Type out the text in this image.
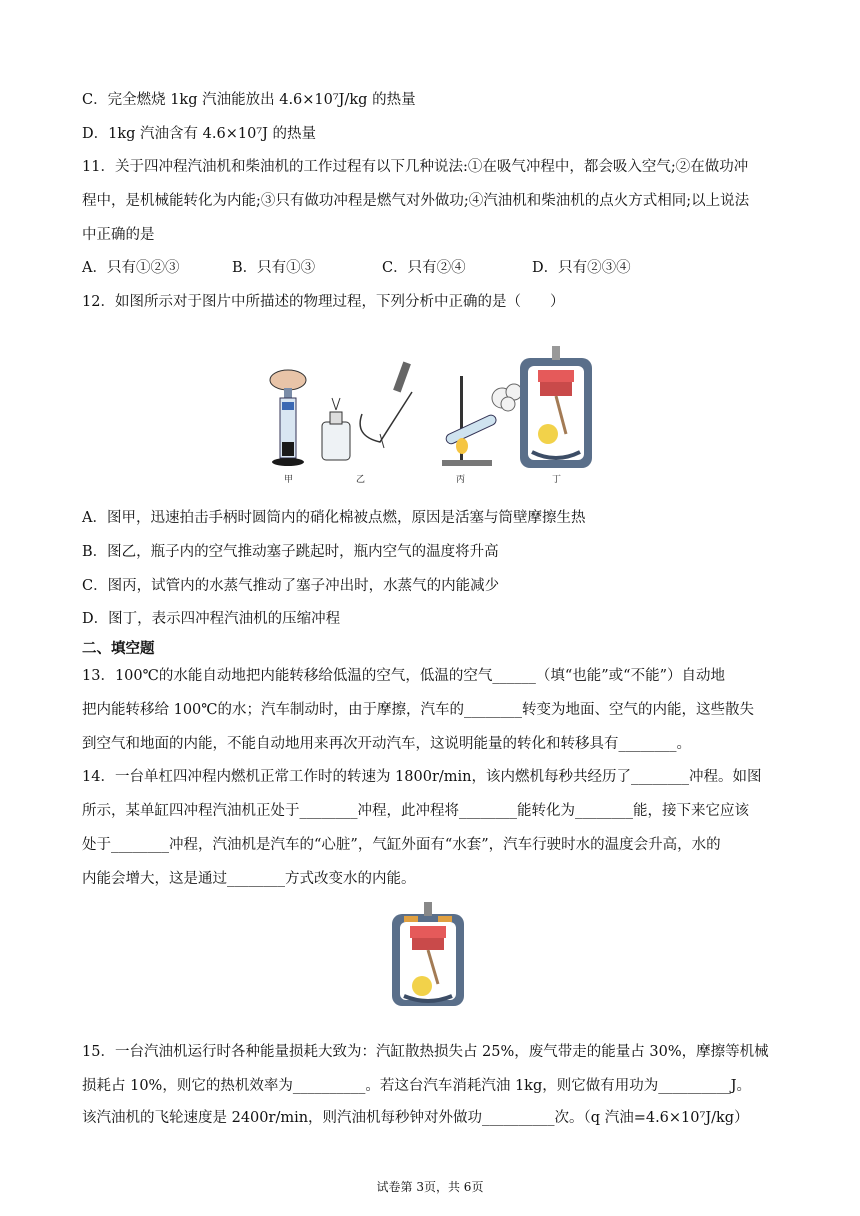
C．完全燃烧 1kg 汽油能放出 4.6×10⁷J/kg 的热量
D．1kg 汽油含有 4.6×10⁷J 的热量
11．关于四冲程汽油机和柴油机的工作过程有以下几种说法:①在吸气冲程中，都会吸入空气;②在做功冲
程中，是机械能转化为内能;③只有做功冲程是燃气对外做功;④汽油机和柴油机的点火方式相同;以上说法
中正确的是
A．只有①②③	B．只有①③	C．只有②④	D．只有②③④
12．如图所示对于图片中所描述的物理过程，下列分析中正确的是（　　）
甲	乙	丙	丁
A．图甲，迅速拍击手柄时圆筒内的硝化棉被点燃，原因是活塞与筒壁摩擦生热
B．图乙，瓶子内的空气推动塞子跳起时，瓶内空气的温度将升高
C．图丙，试管内的水蒸气推动了塞子冲出时，水蒸气的内能减少
D．图丁，表示四冲程汽油机的压缩冲程
二、填空题
13．100℃的水能自动地把内能转移给低温的空气，低温的空气______（填“也能”或“不能”）自动地
把内能转移给 100℃的水；汽车制动时，由于摩擦，汽车的________转变为地面、空气的内能，这些散失
到空气和地面的内能，不能自动地用来再次开动汽车，这说明能量的转化和转移具有________。
14．一台单杠四冲程内燃机正常工作时的转速为 1800r/min，该内燃机每秒共经历了________冲程。如图
所示，某单缸四冲程汽油机正处于________冲程，此冲程将________能转化为________能，接下来它应该
处于________冲程，汽油机是汽车的“心脏”，气缸外面有“水套”，汽车行驶时水的温度会升高，水的
内能会增大，这是通过________方式改变水的内能。
15．一台汽油机运行时各种能量损耗大致为：汽缸散热损失占 25%，废气带走的能量占 30%，摩擦等机械
损耗占 10%，则它的热机效率为__________。若这台汽车消耗汽油 1kg，则它做有用功为__________J。
该汽油机的飞轮速度是 2400r/min，则汽油机每秒钟对外做功__________次。（q 汽油=4.6×10⁷J/kg）
试卷第 3页，共 6页
